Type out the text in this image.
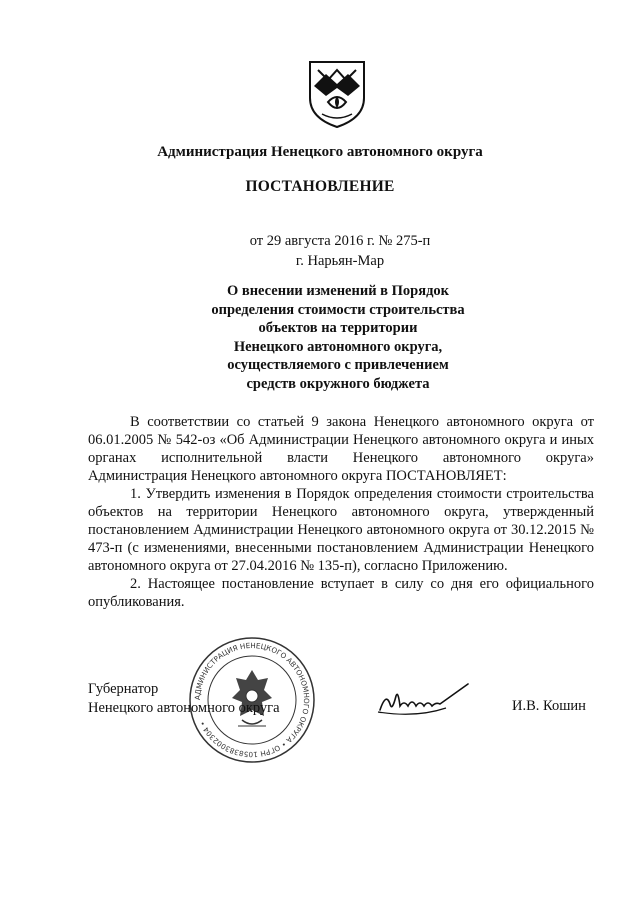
Администрация Ненецкого автономного округа
ПОСТАНОВЛЕНИЕ
от 29 августа 2016 г. № 275-п
г. Нарьян-Мар
О внесении изменений в Порядок
определения стоимости строительства
объектов на территории
Ненецкого автономного округа,
осуществляемого с привлечением
средств окружного бюджета

В соответствии со статьей 9 закона Ненецкого автономного округа от 06.01.2005 № 542-оз «Об Администрации Ненецкого автономного округа и иных органах исполнительной власти Ненецкого автономного округа»

Администрация Ненецкого автономного округа ПОСТАНОВЛЯЕТ:

1. Утвердить изменения в Порядок определения стоимости строительства объектов на территории Ненецкого автономного округа, утвержденный постановлением Администрации Ненецкого автономного округа от 30.12.2015 № 473-п (с изменениями, внесенными постановлением Администрации Ненецкого автономного округа от 27.04.2016 № 135-п), согласно Приложению.

2. Настоящее постановление вступает в силу со дня его официального опубликования.

АДМИНИСТРАЦИЯ НЕНЕЦКОГО АВТОНОМНОГО ОКРУГА • ОГРН 1058383002304 •
Губернатор
Ненецкого автономного округа	И.В. Кошин
